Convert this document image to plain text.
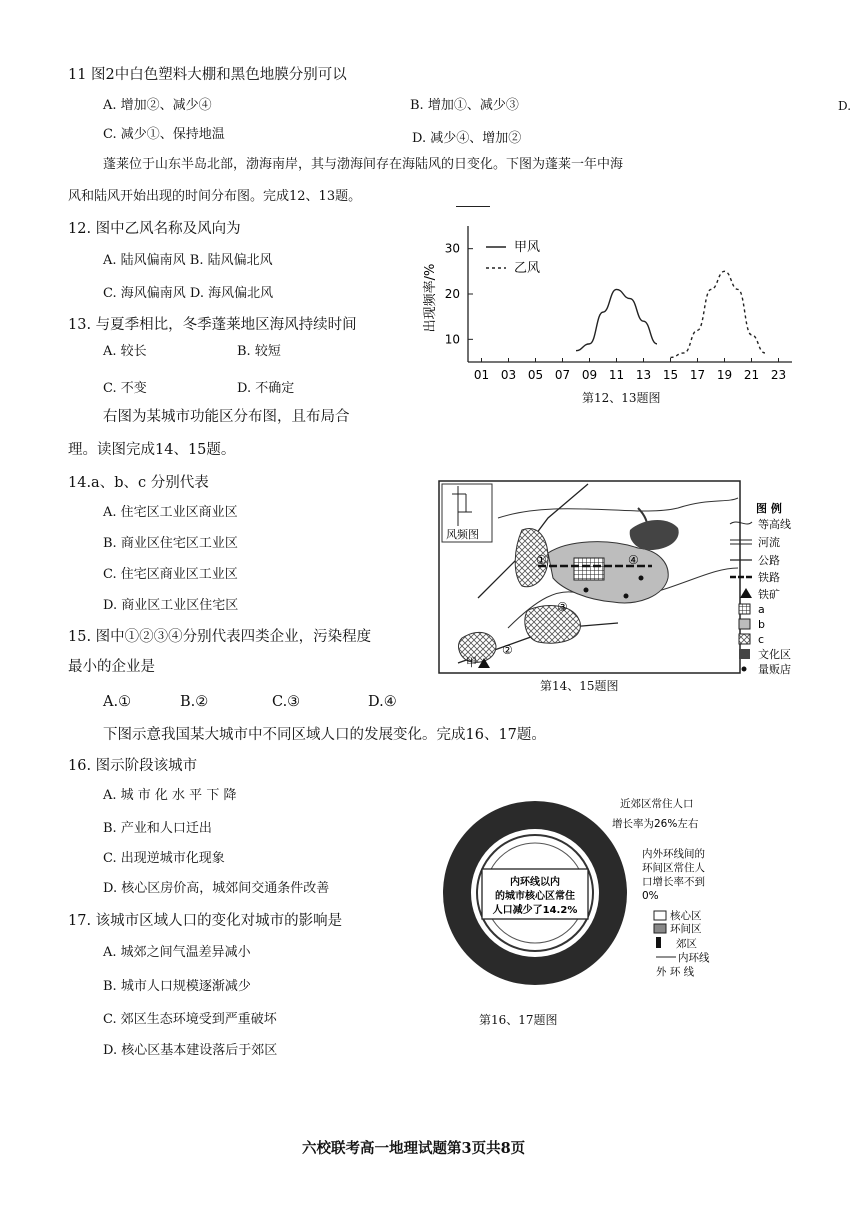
11 图2中白色塑料大棚和黑色地膜分别可以
A. 增加②、减少④	B. 增加①、减少③	D.
C. 减少①、保持地温	D. 减少④、增加②
蓬莱位于山东半岛北部，渤海南岸，其与渤海间存在海陆风的日变化。下图为蓬莱一年中海
风和陆风开始出现的时间分布图。完成12、13题。
12. 图中乙风名称及风向为
A. 陆风偏南风 B. 陆风偏北风
C. 海风偏南风 D. 海风偏北风
13. 与夏季相比，冬季蓬莱地区海风持续时间
A. 较长	B. 较短
C. 不变	D. 不确定
右图为某城市功能区分布图，且布局合
理。读图完成14、15题。
14.a、b、c 分别代表
A. 住宅区工业区商业区
B. 商业区住宅区工业区
C. 住宅区商业区工业区
D. 商业区工业区住宅区
15. 图中①②③④分别代表四类企业，污染程度
最小的企业是
A.①	B.②	C.③	D.④
下图示意我国某大城市中不同区域人口的发展变化。完成16、17题。
16. 图示阶段该城市
A. 城 市 化 水 平 下 降
B. 产业和人口迁出
C. 出现逆城市化现象
D. 核心区房价高，城郊间交通条件改善
17. 该城市区域人口的变化对城市的影响是
A. 城郊之间气温差异减小
B. 城市人口规模逐渐减少
C. 郊区生态环境受到严重破坏
D. 核心区基本建设落后于郊区
30
20
10
01 03 05 07 09 11 13 15 17 19 21 23
甲风
乙风
出现频率/%
第12、13题图
风频图
①
②
③
④
甲
图 例
等高线
河流
公路
铁路
铁矿
a
b
c
文化区
量贩店
第14、15题图
内环线以内
的城市核心区常住
人口减少了14.2%
近郊区常住人口
增长率为26%左右
内外环线间的
环间区常住人
口增长率不到
0%
核心区
环间区
郊区
内环线
外 环 线
第16、17题图
六校联考高一地理试题第3页共8页
